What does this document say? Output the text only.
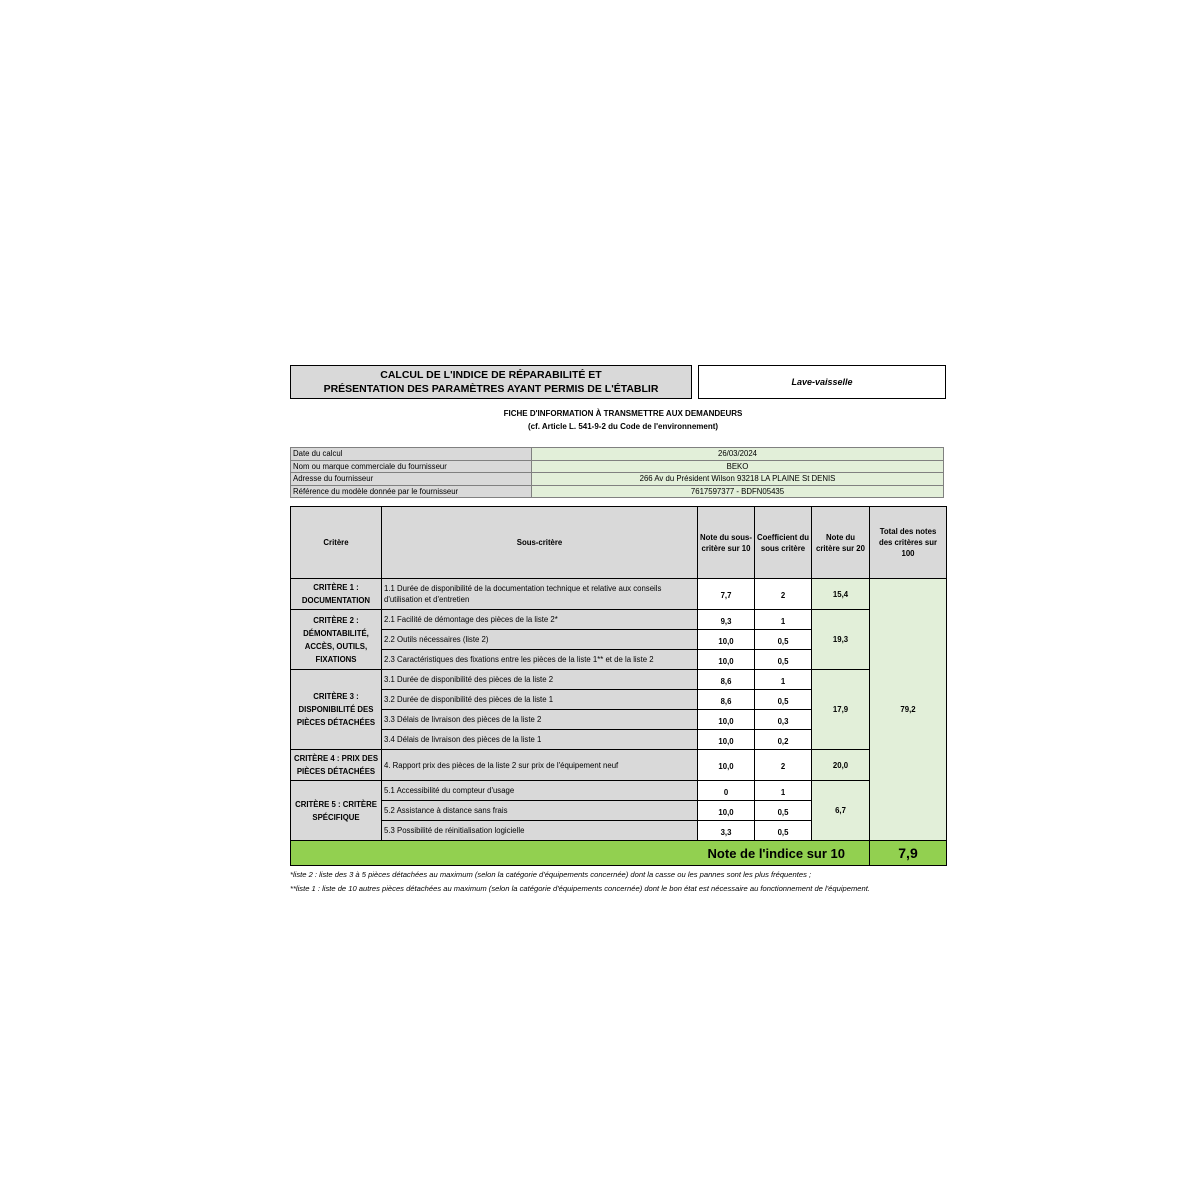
CALCUL DE L'INDICE DE RÉPARABILITÉ ET
PRÉSENTATION DES PARAMÈTRES AYANT PERMIS DE L'ÉTABLIR
Lave-vaisselle
FICHE D'INFORMATION À TRANSMETTRE AUX DEMANDEURS
(cf. Article L. 541-9-2 du Code de l'environnement)
Date du calcul	26/03/2024
Nom ou marque commerciale du fournisseur	BEKO
Adresse du fournisseur	266 Av du Président Wilson 93218 LA PLAINE St DENIS
Référence du modèle donnée par le fournisseur	7617597377 - BDFN05435
Critère	Sous-critère	Note du sous-critère sur 10	Coefficient du sous critère	Note du critère sur 20	Total des notes des critères sur 100
CRITÈRE 1 : DOCUMENTATION	1.1 Durée de disponibilité de la documentation technique et relative aux conseils d'utilisation et d'entretien	7,7	2	15,4	79,2
CRITÈRE 2 : DÉMONTABILITÉ, ACCÈS, OUTILS, FIXATIONS	2.1 Facilité de démontage des pièces de la liste 2*	9,3	1	19,3	
	2.2 Outils nécessaires (liste 2)	10,0	0,5		
	2.3 Caractéristiques des fixations entre les pièces de la liste 1** et de la liste 2	10,0	0,5		
CRITÈRE 3 : DISPONIBILITÉ DES PIÈCES DÉTACHÉES	3.1 Durée de disponibilité des pièces de la liste 2	8,6	1	17,9	
	3.2 Durée de disponibilité des pièces de la liste 1	8,6	0,5		
	3.3 Délais de livraison des pièces de la liste 2	10,0	0,3		
	3.4 Délais de livraison des pièces de la liste 1	10,0	0,2		
CRITÈRE 4 : PRIX DES PIÈCES DÉTACHÉES	4. Rapport prix des pièces de la liste 2 sur prix de l'équipement neuf	10,0	2	20,0	
CRITÈRE 5 : CRITÈRE SPÉCIFIQUE	5.1 Accessibilité du compteur d'usage	0	1	6,7	
	5.2 Assistance à distance sans frais	10,0	0,5		
	5.3 Possibilité de réinitialisation logicielle	3,3	0,5		
Note de l'indice sur 10					7,9
*liste 2 : liste des 3 à 5 pièces détachées au maximum (selon la catégorie d'équipements concernée) dont la casse ou les pannes sont les plus fréquentes ;
**liste 1 : liste de 10 autres pièces détachées au maximum (selon la catégorie d'équipements concernée) dont le bon état est nécessaire au fonctionnement de l'équipement.
